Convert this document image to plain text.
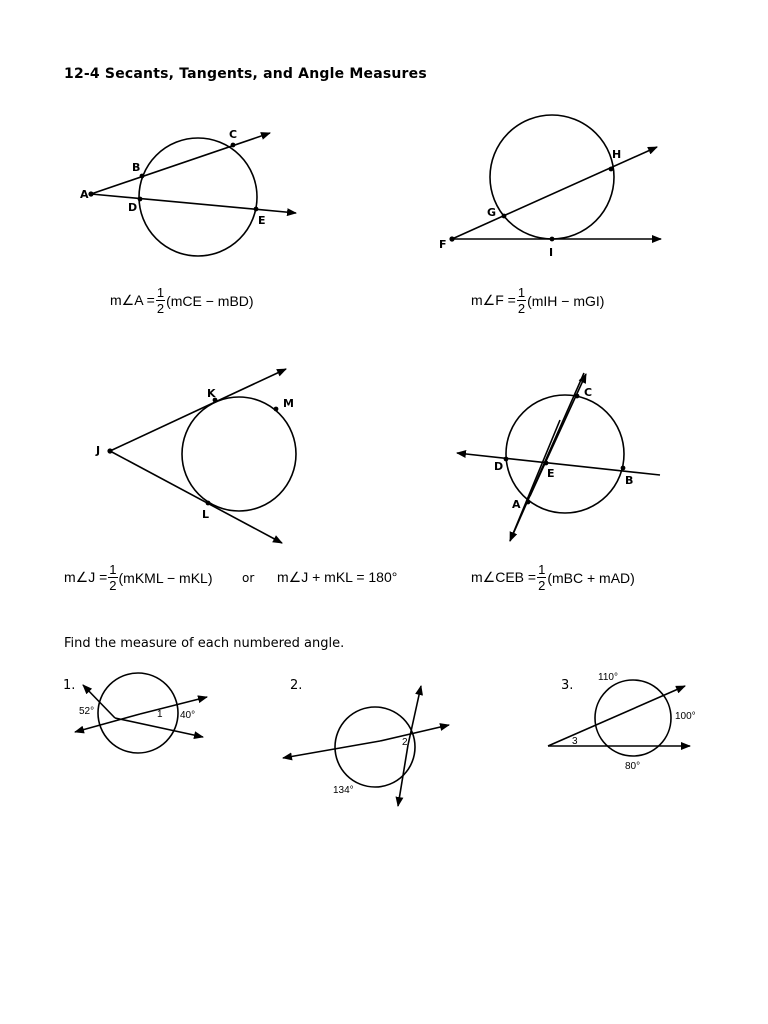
12-4 Secants, Tangents, and Angle Measures
A
B
C
D
E
F
G
H
I
J
K
M
L
C
D
E
B
A
52°	1 40°
2
134°
110°
100°
3
80°
m∠A = $\frac{1}{2} (mCE - mBD)$	m∠F = $\frac{1}{2} (mIH - mGI)$
m∠J = $\frac{1}{2}$ (mKML − mKL) or m∠J + mKL = 180°	m∠CEB = $\frac{1}{2} (mBC + mAD)$
Find the measure of each numbered angle.
1.	2.	3.
